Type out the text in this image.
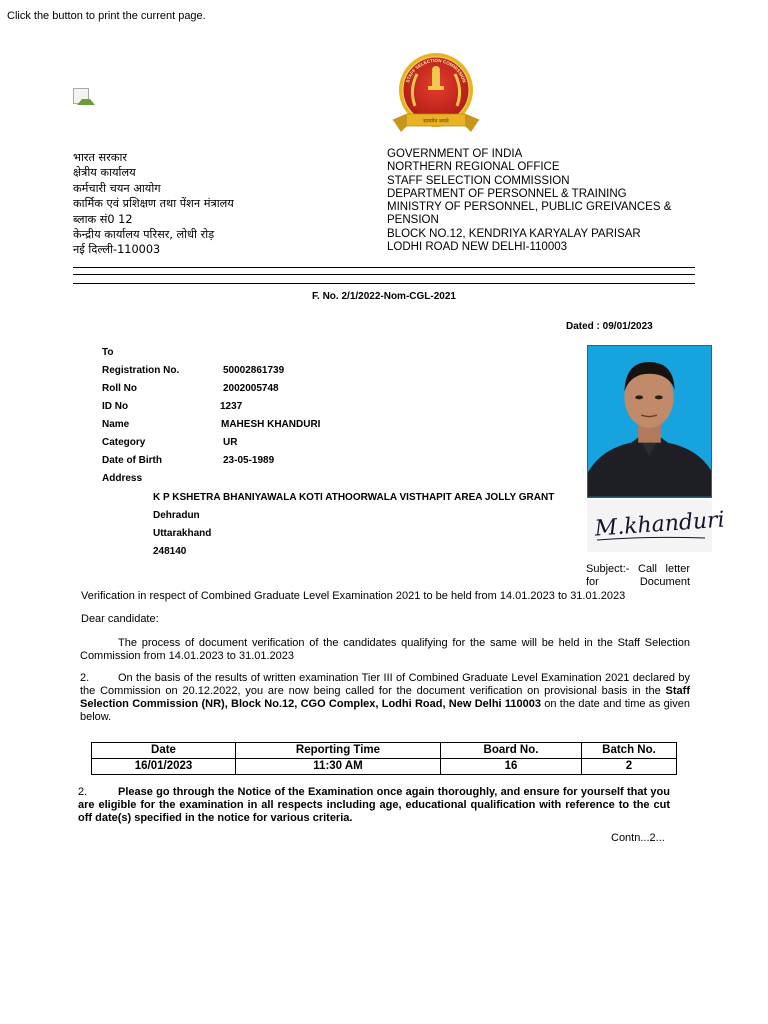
Click the button to print the current page.
STAFF SELECTION COMMISSION
सत्यमेव जयते
भारत सरकार
क्षेत्रीय कार्यालय
कर्मचारी चयन आयोग
कार्मिक एवं प्रशिक्षण तथा पेंशन मंत्रालय
ब्लाक सं0 12
केन्द्रीय कार्यालय परिसर, लोधी रोड़
नई दिल्ली-110003
GOVERNMENT OF INDIA
NORTHERN REGIONAL OFFICE
STAFF SELECTION COMMISSION
DEPARTMENT OF PERSONNEL & TRAINING
MINISTRY OF PERSONNEL, PUBLIC GREIVANCES &
PENSION
BLOCK NO.12, KENDRIYA KARYALAY PARISAR
LODHI ROAD NEW DELHI-110003
F. No. 2/1/2022-Nom-CGL-2021
Dated : 09/01/2023
To
Registration No.	50002861739
Roll No	2002005748
ID No	1237
Name	MAHESH KHANDURI
Category	UR
Date of Birth	23-05-1989
Address
K P KSHETRA BHANIYAWALA KOTI ATHOORWALA VISTHAPIT AREA JOLLY GRANT
Dehradun
Uttarakhand
248140
M.khanduri
Subject:- Call letter for Document
Verification in respect of Combined Graduate Level Examination 2021 to be held from 14.01.2023 to 31.01.2023
Dear candidate:
The process of document verification of the candidates qualifying for the same will be held in the Staff Selection Commission from 14.01.2023 to 31.01.2023
2.	On the basis of the results of written examination Tier III of Combined Graduate Level Examination 2021 declared by the Commission on 20.12.2022, you are now being called for the document verification on provisional basis in the Staff Selection Commission (NR), Block No.12, CGO Complex, Lodhi Road, New Delhi 110003 on the date and time as given below.
Date	Reporting Time	Board No.	Batch No.
16/01/2023	11:30 AM	16	2
2.	Please go through the Notice of the Examination once again thoroughly, and ensure for yourself that you are eligible for the examination in all respects including age, educational qualification with reference to the cut off date(s) specified in the notice for various criteria.
Contn...2...
